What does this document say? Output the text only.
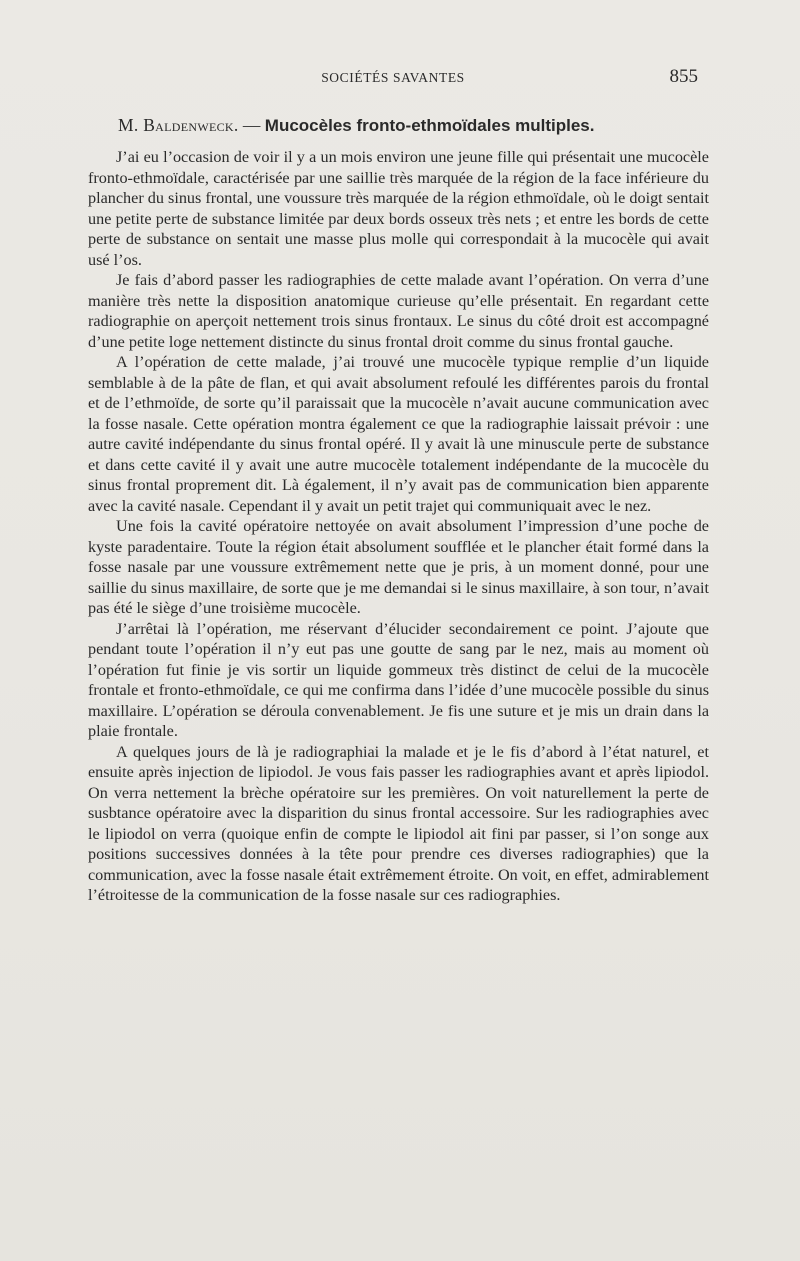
SOCIÉTÉS SAVANTES	855
M. Baldenweck. — Mucocèles fronto-ethmoïdales multiples.

J’ai eu l’occasion de voir il y a un mois environ une jeune fille qui présentait une mucocèle fronto-ethmoïdale, caractérisée par une saillie très marquée de la région de la face inférieure du plancher du sinus frontal, une voussure très marquée de la région ethmoïdale, où le doigt sentait une petite perte de substance limitée par deux bords osseux très nets ; et entre les bords de cette perte de substance on sentait une masse plus molle qui correspondait à la mucocèle qui avait usé l’os.

Je fais d’abord passer les radiographies de cette malade avant l’opération. On verra d’une manière très nette la disposition anatomique curieuse qu’elle présentait. En regardant cette radiographie on aperçoit nettement trois sinus frontaux. Le sinus du côté droit est accompagné d’une petite loge nettement distincte du sinus frontal droit comme du sinus frontal gauche.

A l’opération de cette malade, j’ai trouvé une mucocèle typique remplie d’un liquide semblable à de la pâte de flan, et qui avait absolument refoulé les différentes parois du frontal et de l’ethmoïde, de sorte qu’il paraissait que la mucocèle n’avait aucune communication avec la fosse nasale. Cette opération montra également ce que la radiographie laissait prévoir : une autre cavité indépendante du sinus frontal opéré. Il y avait là une minuscule perte de substance et dans cette cavité il y avait une autre mucocèle totalement indépendante de la mucocèle du sinus frontal proprement dit. Là également, il n’y avait pas de communication bien apparente avec la cavité nasale. Cependant il y avait un petit trajet qui communiquait avec le nez.

Une fois la cavité opératoire nettoyée on avait absolument l’impression d’une poche de kyste paradentaire. Toute la région était absolument soufflée et le plancher était formé dans la fosse nasale par une voussure extrêmement nette que je pris, à un moment donné, pour une saillie du sinus maxillaire, de sorte que je me demandai si le sinus maxillaire, à son tour, n’avait pas été le siège d’une troisième mucocèle.

J’arrêtai là l’opération, me réservant d’élucider secondairement ce point. J’ajoute que pendant toute l’opération il n’y eut pas une goutte de sang par le nez, mais au moment où l’opération fut finie je vis sortir un liquide gommeux très distinct de celui de la mucocèle frontale et fronto-ethmoïdale, ce qui me confirma dans l’idée d’une mucocèle possible du sinus maxillaire. L’opération se déroula convenablement. Je fis une suture et je mis un drain dans la plaie frontale.

A quelques jours de là je radiographiai la malade et je le fis d’abord à l’état naturel, et ensuite après injection de lipiodol. Je vous fais passer les radiographies avant et après lipiodol. On verra nettement la brèche opératoire sur les premières. On voit naturellement la perte de susbtance opératoire avec la disparition du sinus frontal accessoire. Sur les radiographies avec le lipiodol on verra (quoique enfin de compte le lipiodol ait fini par passer, si l’on songe aux positions successives données à la tête pour prendre ces diverses radiographies) que la communication, avec la fosse nasale était extrêmement étroite. On voit, en effet, admirablement l’étroitesse de la communication de la fosse nasale sur ces radiographies.
